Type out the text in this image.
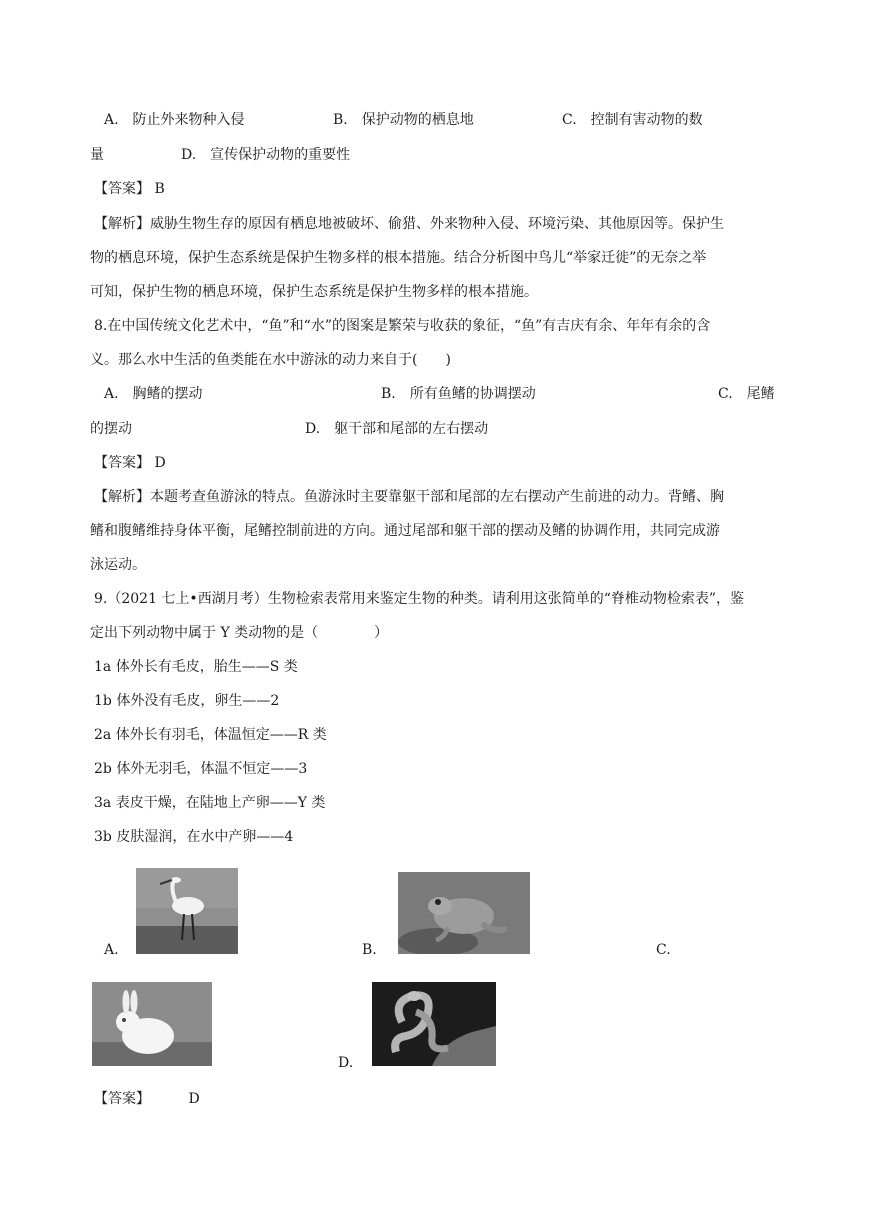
A.　防止外来物种入侵	B.　保护动物的栖息地	C.　控制有害动物的数
量	D.　宣传保护动物的重要性
【答案】 B
【解析】威胁生物生存的原因有栖息地被破坏、偷猎、外来物种入侵、环境污染、其他原因等。保护生
物的栖息环境，保护生态系统是保护生物多样的根本措施。结合分析图中鸟儿“举家迁徙”的无奈之举
可知，保护生物的栖息环境，保护生态系统是保护生物多样的根本措施。
8.在中国传统文化艺术中，“鱼”和“水”的图案是繁荣与收获的象征，“鱼”有吉庆有余、年年有余的含
义。那么水中生活的鱼类能在水中游泳的动力来自于(　　)
A.　胸鳍的摆动	B.　所有鱼鳍的协调摆动	C.　尾鳍
的摆动	D.　躯干部和尾部的左右摆动
【答案】 D
【解析】本题考查鱼游泳的特点。鱼游泳时主要靠躯干部和尾部的左右摆动产生前进的动力。背鳍、胸
鳍和腹鳍维持身体平衡，尾鳍控制前进的方向。通过尾部和躯干部的摆动及鳍的协调作用，共同完成游
泳运动。
9.（2021 七上•西湖月考）生物检索表常用来鉴定生物的种类。请利用这张简单的“脊椎动物检索表”，鉴
定出下列动物中属于 Y 类动物的是（　　　　）
1a 体外长有毛皮，胎生——S 类
1b 体外没有毛皮，卵生——2
2a 体外长有羽毛，体温恒定——R 类
2b 体外无羽毛，体温不恒定——3
3a 表皮干燥，在陆地上产卵——Y 类
3b 皮肤湿润，在水中产卵——4
A.	B.	C.
D.
【答案】	D
